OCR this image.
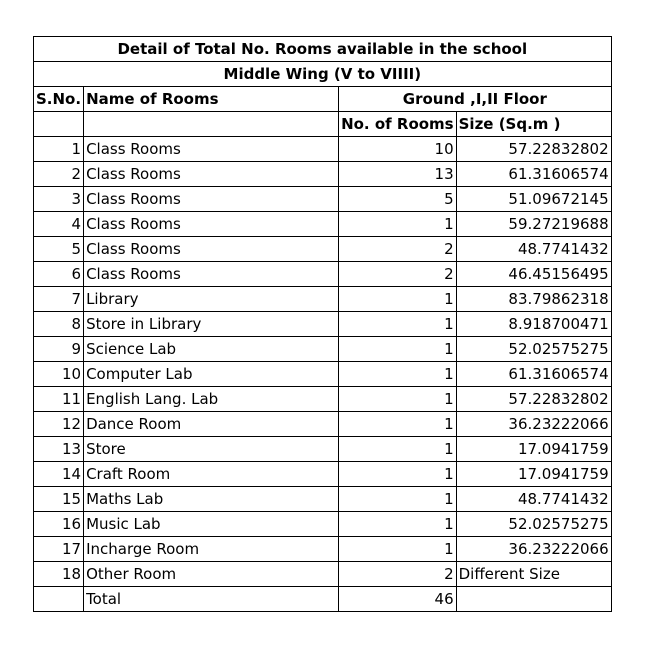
Detail of Total No. Rooms available in the school			
Middle Wing (V to VIIII)			
S.No.	Name of Rooms	Ground ,I,II Floor	
		No. of Rooms	Size (Sq.m )
1	Class Rooms	10	57.22832802
2	Class Rooms	13	61.31606574
3	Class Rooms	5	51.09672145
4	Class Rooms	1	59.27219688
5	Class Rooms	2	48.7741432
6	Class Rooms	2	46.45156495
7	Library	1	83.79862318
8	Store in Library	1	8.918700471
9	Science Lab	1	52.02575275
10	Computer Lab	1	61.31606574
11	English Lang. Lab	1	57.22832802
12	Dance Room	1	36.23222066
13	Store	1	17.0941759
14	Craft Room	1	17.0941759
15	Maths Lab	1	48.7741432
16	Music Lab	1	52.02575275
17	Incharge Room	1	36.23222066
18	Other Room	2	Different Size
	Total	46	
